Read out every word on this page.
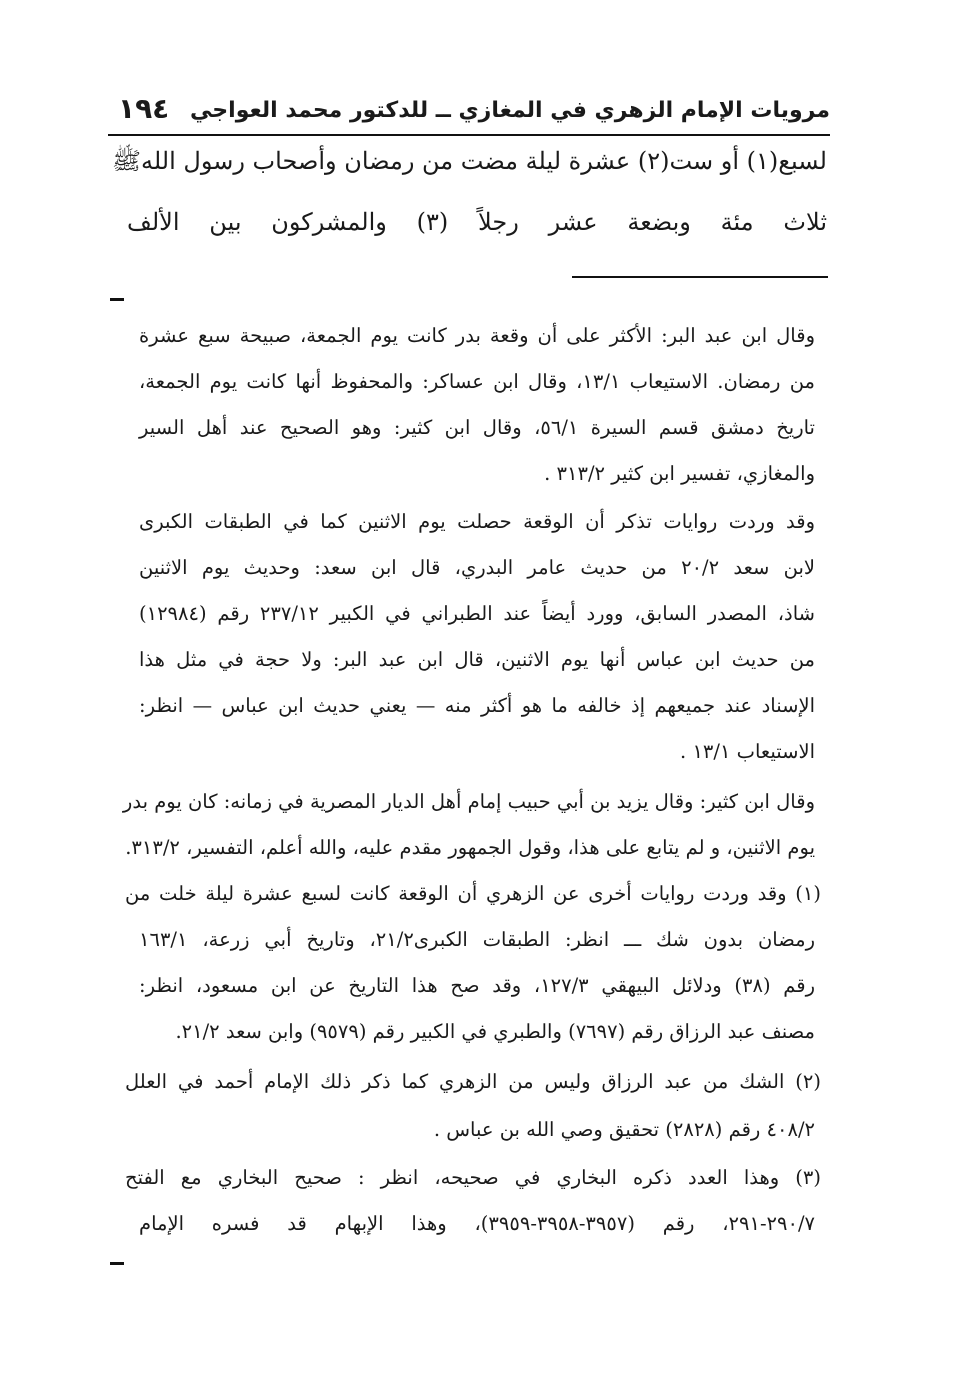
مرويات الإمام الزهري في المغازي ــ للدكتور محمد العواجي
١٩٤
لسبع(١) أو ست(٢) عشرة ليلة مضت من رمضان وأصحاب رسول اللهﷺ
ثلاث مئة وبضعة عشر رجلاً (٣) والمشركون بين الألف
وقال ابن عبد البر: الأكثر على أن وقعة بدر كانت يوم الجمعة، صبيحة سبع عشرة
من رمضان. الاستيعاب ١٣/١، وقال ابن عساكر: والمحفوظ أنها كانت يوم الجمعة،
تاريخ دمشق قسم السيرة ٥٦/١، وقال ابن كثير: وهو الصحيح عند أهل السير
والمغازي، تفسير ابن كثير ٣١٣/٢ .
وقد وردت روايات تذكر أن الوقعة حصلت يوم الاثنين كما في الطبقات الكبرى
لابن سعد ٢٠/٢ من حديث عامر البدري، قال ابن سعد: وحديث يوم الاثنين
شاذ، المصدر السابق، وورد أيضاً عند الطبراني في الكبير ٢٣٧/١٢ رقم (١٢٩٨٤)
من حديث ابن عباس أنها يوم الاثنين، قال ابن عبد البر: ولا حجة في مثل هذا
الإسناد عند جميعهم إذ خالفه ما هو أكثر منه — يعني حديث ابن عباس — انظر:
الاستيعاب ١٣/١ .
وقال ابن كثير: وقال يزيد بن أبي حبيب إمام أهل الديار المصرية في زمانه: كان يوم بدر
يوم الاثنين، و لم يتابع على هذا، وقول الجمهور مقدم عليه، والله أعلم، التفسير، ٣١٣/٢.
(١) وقد وردت روايات أخرى عن الزهري أن الوقعة كانت لسبع عشرة ليلة خلت من
رمضان بدون شك ـــ انظر: الطبقات الكبرى٢١/٢، وتاريخ أبي زرعة، ١٦٣/١
رقم (٣٨) ودلائل البيهقي ١٢٧/٣، وقد صح هذا التاريخ عن ابن مسعود، انظر:
مصنف عبد الرزاق رقم (٧٦٩٧) والطبري في الكبير رقم (٩٥٧٩) وابن سعد ٢١/٢.
(٢) الشك من عبد الرزاق وليس من الزهري كما ذكر ذلك الإمام أحمد في العلل
٤٠٨/٢ رقم (٢٨٢٨) تحقيق وصي الله بن عباس .
(٣) وهذا العدد ذكره البخاري في صحيحه، انظر : صحيح البخاري مع الفتح
٢٩٠/٧-٢٩١، رقم (٣٩٥٧-٣٩٥٨-٣٩٥٩)، وهذا الإبهام قد فسره الإمام
